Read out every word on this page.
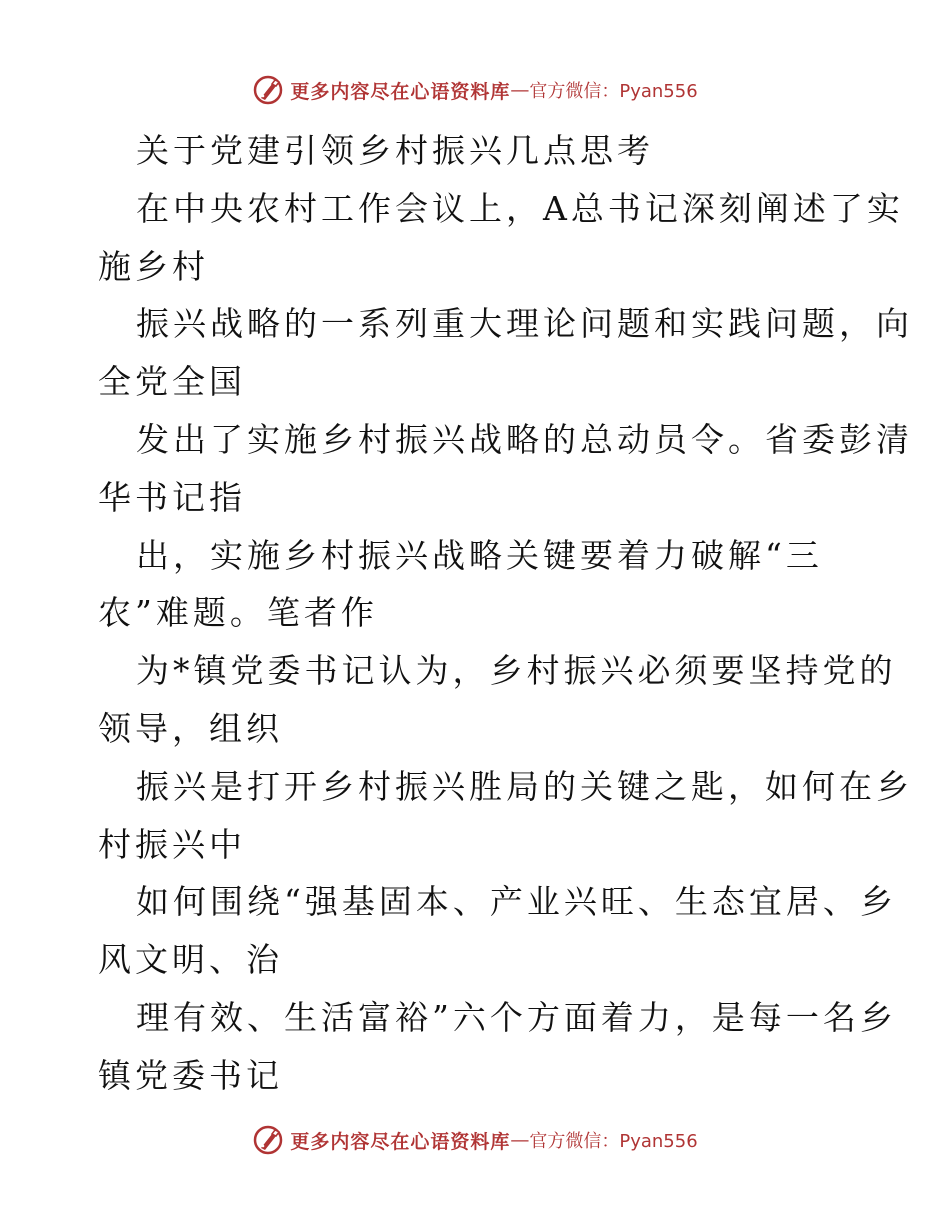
更多内容尽在心语资料库 — 官方微信：Pyan556
关于党建引领乡村振兴几点思考
在中央农村工作会议上，A总书记深刻阐述了实
施乡村
振兴战略的一系列重大理论问题和实践问题，向
全党全国
发出了实施乡村振兴战略的总动员令。省委彭清
华书记指
出，实施乡村振兴战略关键要着力破解“三
农”难题。笔者作
为*镇党委书记认为，乡村振兴必须要坚持党的
领导，组织
振兴是打开乡村振兴胜局的关键之匙，如何在乡
村振兴中
如何围绕“强基固本、产业兴旺、生态宜居、乡
风文明、治
理有效、生活富裕”六个方面着力，是每一名乡
镇党委书记
更多内容尽在心语资料库 — 官方微信：Pyan556
